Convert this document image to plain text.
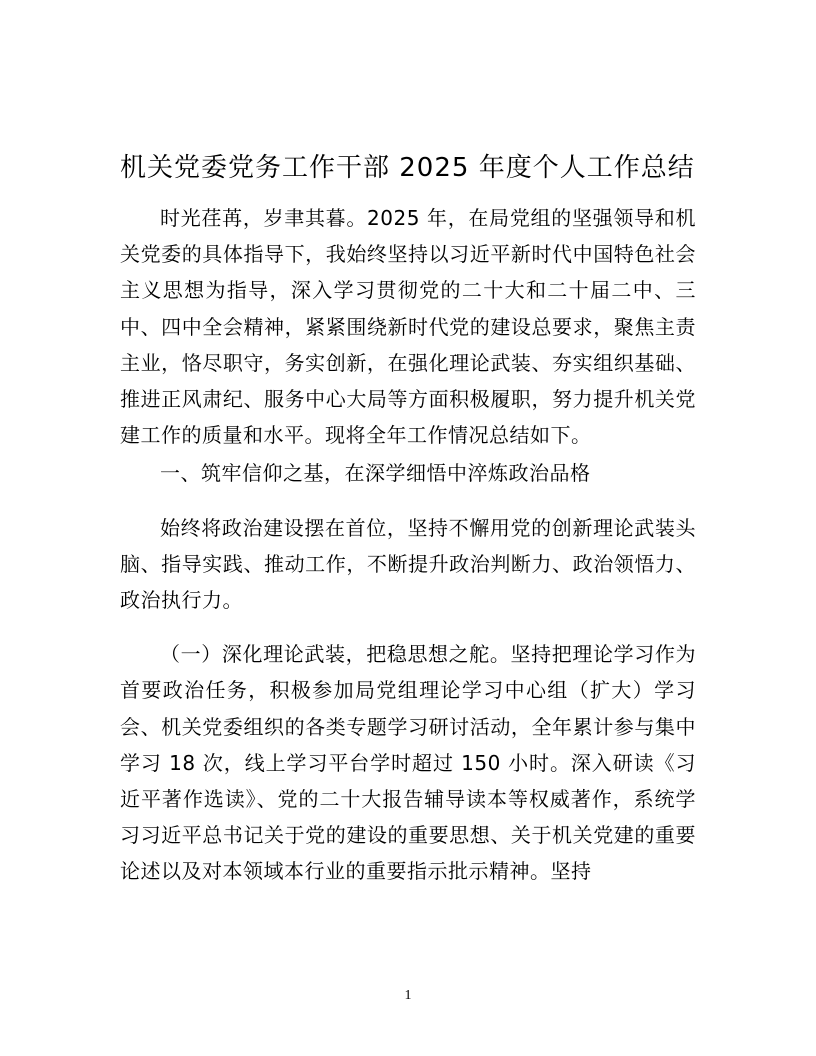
机关党委党务工作干部 2025 年度个人工作总结

时光荏苒，岁聿其暮。2025 年，在局党组的坚强领导和机关党委的具体指导下，我始终坚持以习近平新时代中国特色社会主义思想为指导，深入学习贯彻党的二十大和二十届二中、三中、四中全会精神，紧紧围绕新时代党的建设总要求，聚焦主责主业，恪尽职守，务实创新，在强化理论武装、夯实组织基础、推进正风肃纪、服务中心大局等方面积极履职，努力提升机关党建工作的质量和水平。现将全年工作情况总结如下。

一、筑牢信仰之基，在深学细悟中淬炼政治品格

始终将政治建设摆在首位，坚持不懈用党的创新理论武装头脑、指导实践、推动工作，不断提升政治判断力、政治领悟力、政治执行力。

（一）深化理论武装，把稳思想之舵。坚持把理论学习作为首要政治任务，积极参加局党组理论学习中心组（扩大）学习会、机关党委组织的各类专题学习研讨活动，全年累计参与集中学习 18 次，线上学习平台学时超过 150 小时。深入研读《习近平著作选读》、党的二十大报告辅导读本等权威著作，系统学习习近平总书记关于党的建设的重要思想、关于机关党建的重要论述以及对本领域本行业的重要指示批示精神。坚持

1
